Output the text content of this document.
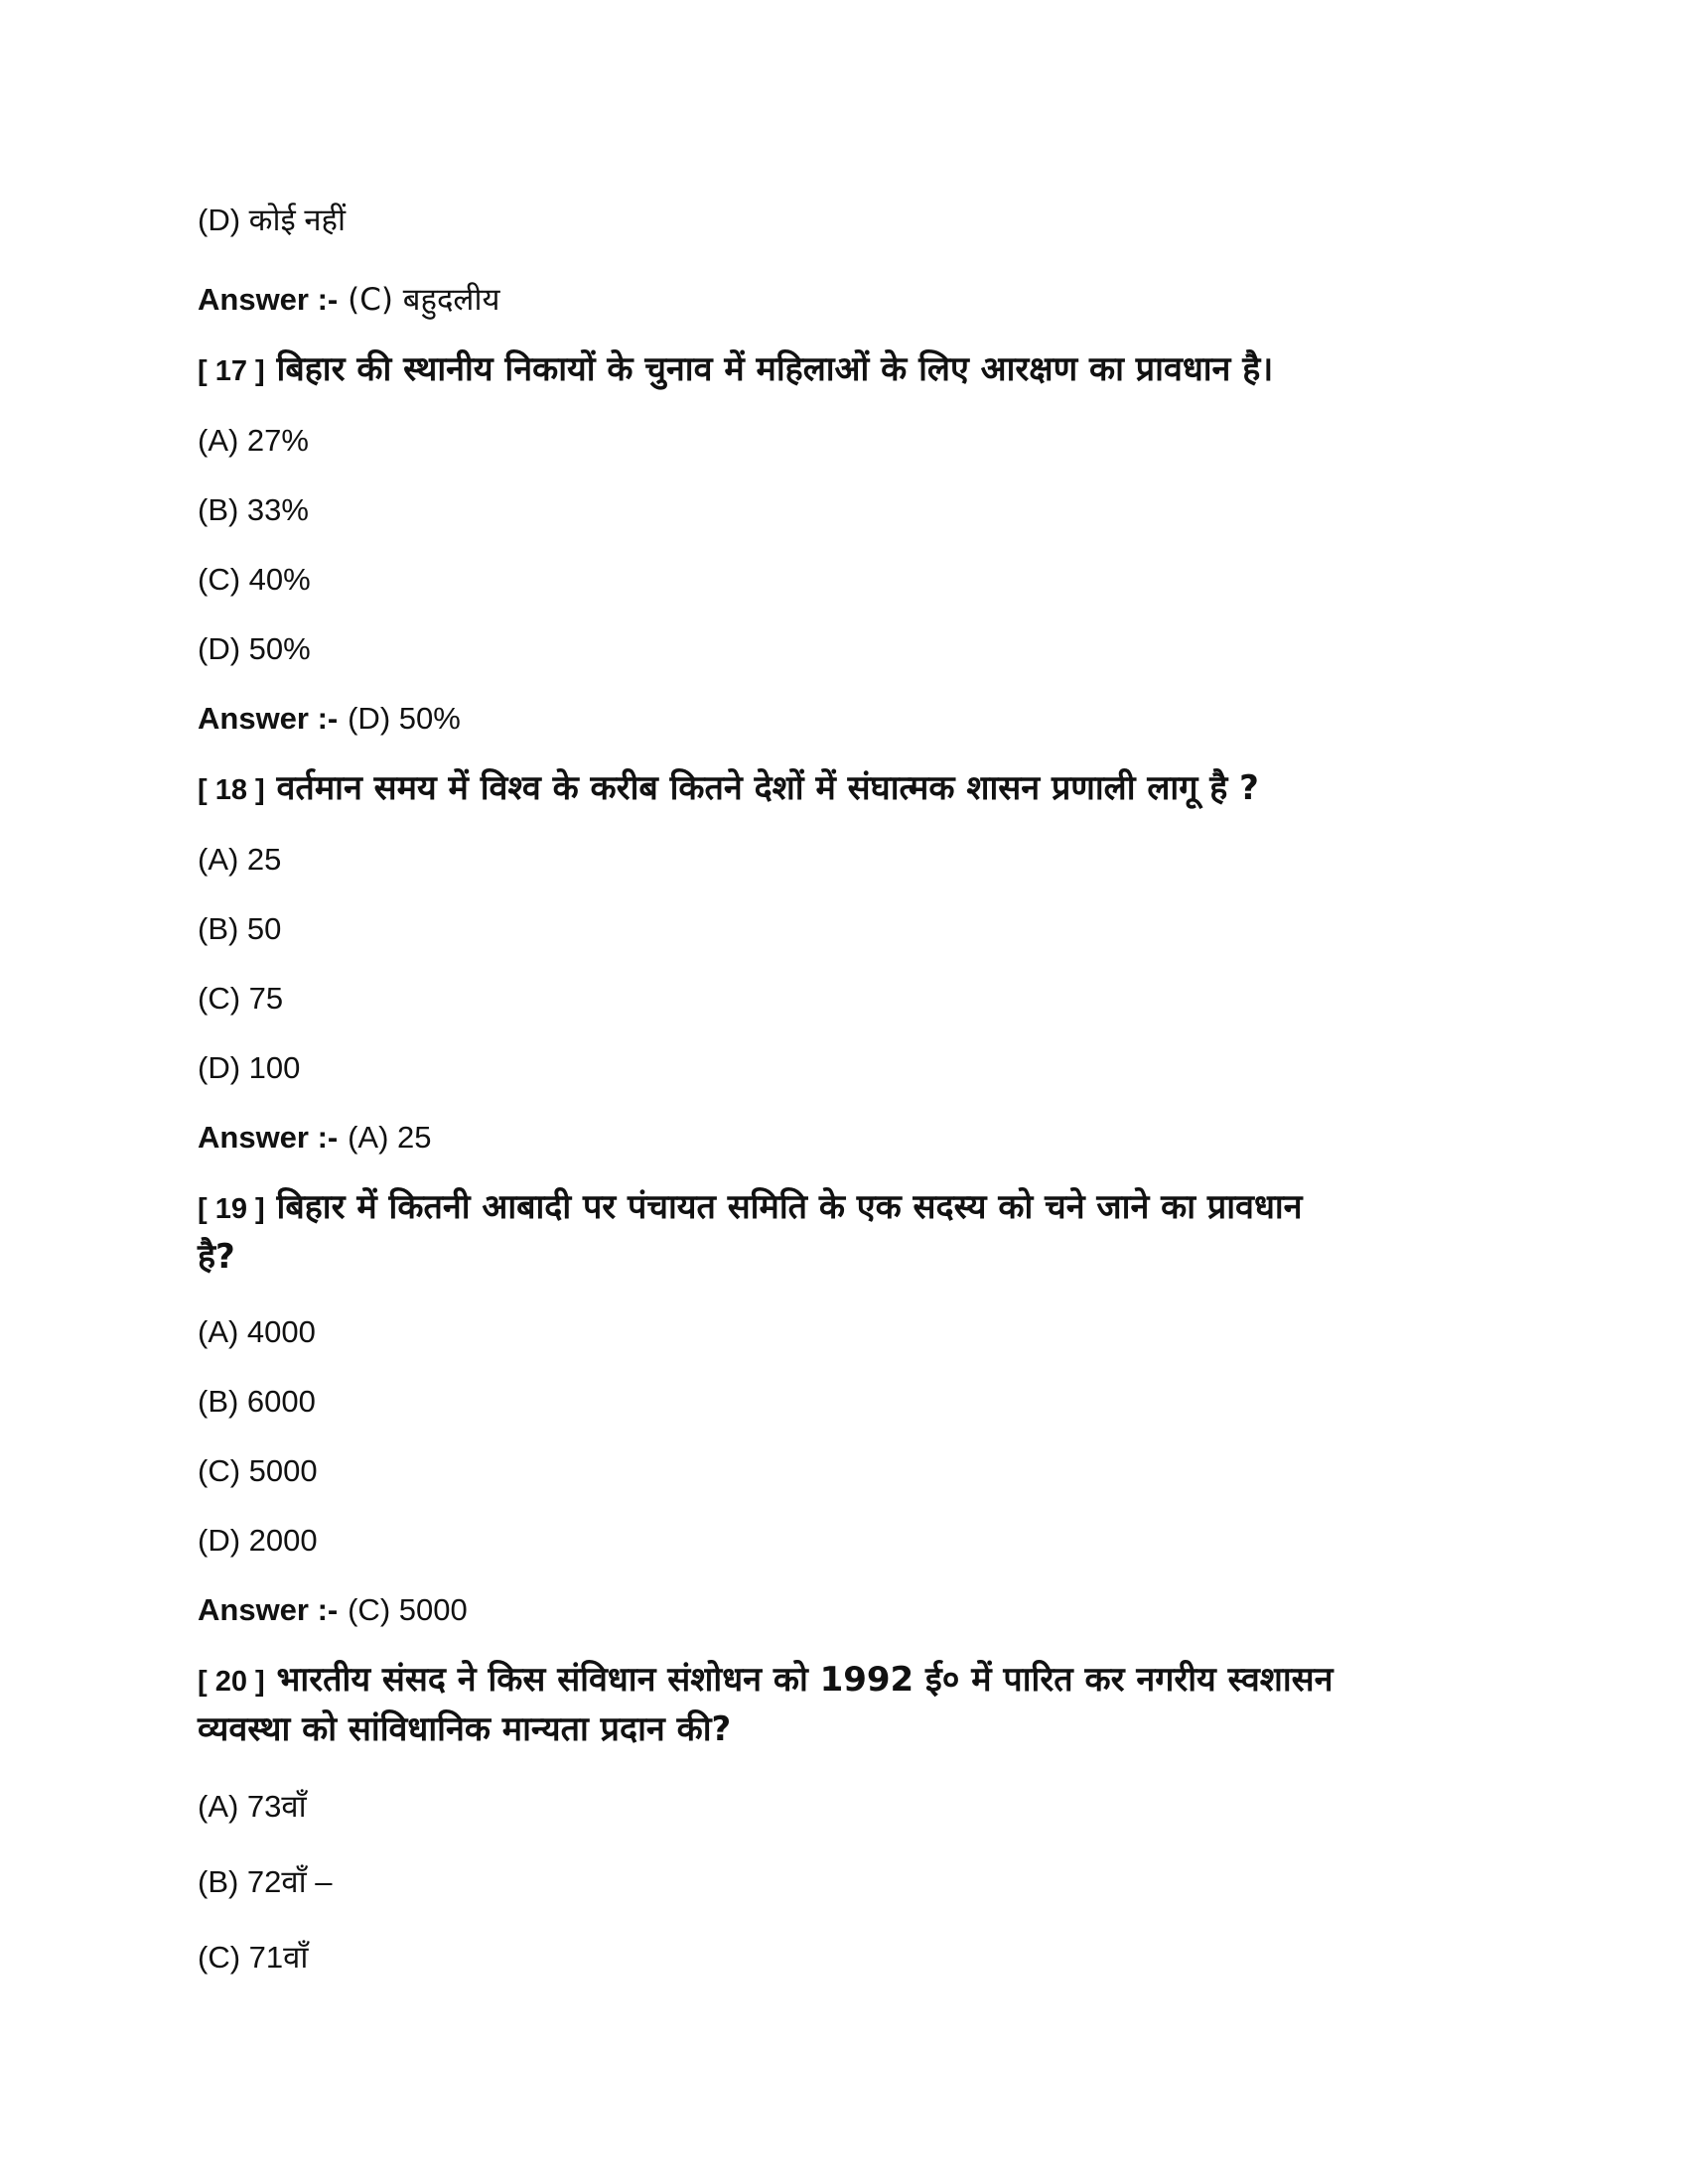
(D) कोई नहीं
Answer :- (C) बहुदलीय
[ 17 ] बिहार की स्थानीय निकायों के चुनाव में महिलाओं के लिए आरक्षण का प्रावधान है।
(A) 27%
(B) 33%
(C) 40%
(D) 50%
Answer :- (D) 50%
[ 18 ] वर्तमान समय में विश्व के करीब कितने देशों में संघात्मक शासन प्रणाली लागू है ?
(A) 25
(B) 50
(C) 75
(D) 100
Answer :- (A) 25
[ 19 ] बिहार में कितनी आबादी पर पंचायत समिति के एक सदस्य को चने जाने का प्रावधान
है?
(A) 4000
(B) 6000
(C) 5000
(D) 2000
Answer :- (C) 5000
[ 20 ] भारतीय संसद ने किस संविधान संशोधन को 1992 ई० में पारित कर नगरीय स्वशासन
व्यवस्था को सांविधानिक मान्यता प्रदान की?
(A) 73वाँ
(B) 72वाँ –
(C) 71वाँ
